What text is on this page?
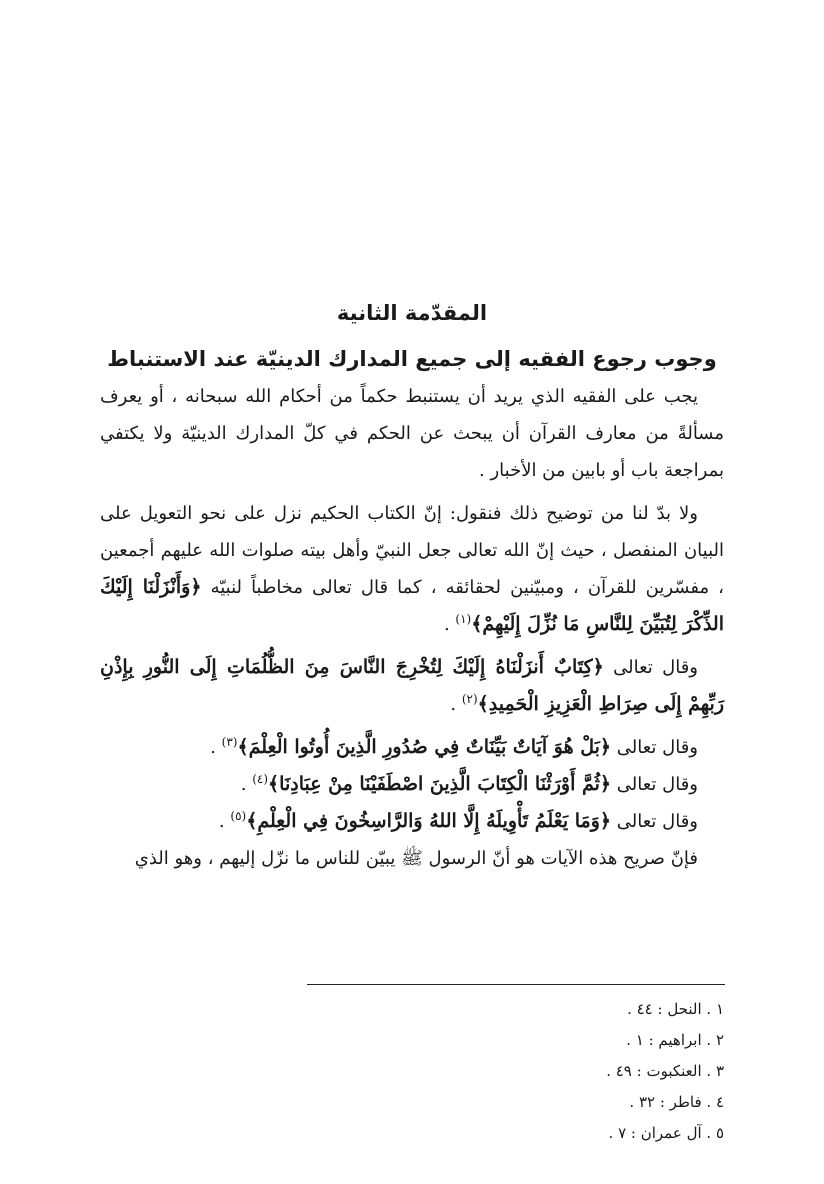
المقدّمة الثانية
وجوب رجوع الفقيه إلى جميع المدارك الدينيّة عند الاستنباط

يجب على الفقيه الذي يريد أن يستنبط حكماً من أحكام الله سبحانه ، أو يعرف مسألةً من معارف القرآن أن يبحث عن الحكم في كلّ المدارك الدينيّة ولا يكتفي بمراجعة باب أو بابين من الأخبار .

ولا بدّ لنا من توضيح ذلك فنقول: إنّ الكتاب الحكيم نزل على نحو التعويل على البيان المنفصل ، حيث إنّ الله تعالى جعل النبيّ وأهل بيته صلوات الله عليهم أجمعين ، مفسّرين للقرآن ، ومبيّنين لحقائقه ، كما قال تعالى مخاطباً لنبيّه ﴿وَأَنْزَلْنَا إِلَيْكَ الذِّكْرَ لِتُبَيِّنَ لِلنَّاسِ مَا نُزِّلَ إِلَيْهِمْ﴾$^{(١)}$ .

وقال تعالى ﴿كِتَابٌ أَنزَلْنَاهُ إِلَيْكَ لِتُخْرِجَ النَّاسَ مِنَ الظُّلُمَاتِ إِلَى النُّورِ بِإِذْنِ رَبِّهِمْ إِلَى صِرَاطِ الْعَزِيزِ الْحَمِيدِ﴾$^{(٢)}$ .

وقال تعالى ﴿بَلْ هُوَ آيَاتٌ بَيِّنَاتٌ فِي صُدُورِ الَّذِينَ أُوتُوا الْعِلْمَ﴾$^{(٣)}$ .

وقال تعالى ﴿ثُمَّ أَوْرَثْنَا الْكِتَابَ الَّذِينَ اصْطَفَيْنَا مِنْ عِبَادِنَا﴾$^{(٤)}$ .

وقال تعالى ﴿وَمَا يَعْلَمُ تَأْوِيلَهُ إِلَّا اللهُ وَالرَّاسِخُونَ فِي الْعِلْمِ﴾$^{(٥)}$ .

فإنّ صريح هذه الآيات هو أنّ الرسول ﷺ يبيّن للناس ما نزّل إليهم ، وهو الذي

١ . النحل : ٤٤ .
٢ . ابراهيم : ١ .
٣ . العنكبوت : ٤٩ .
٤ . فاطر : ٣٢ .
٥ . آل عمران : ٧ .
